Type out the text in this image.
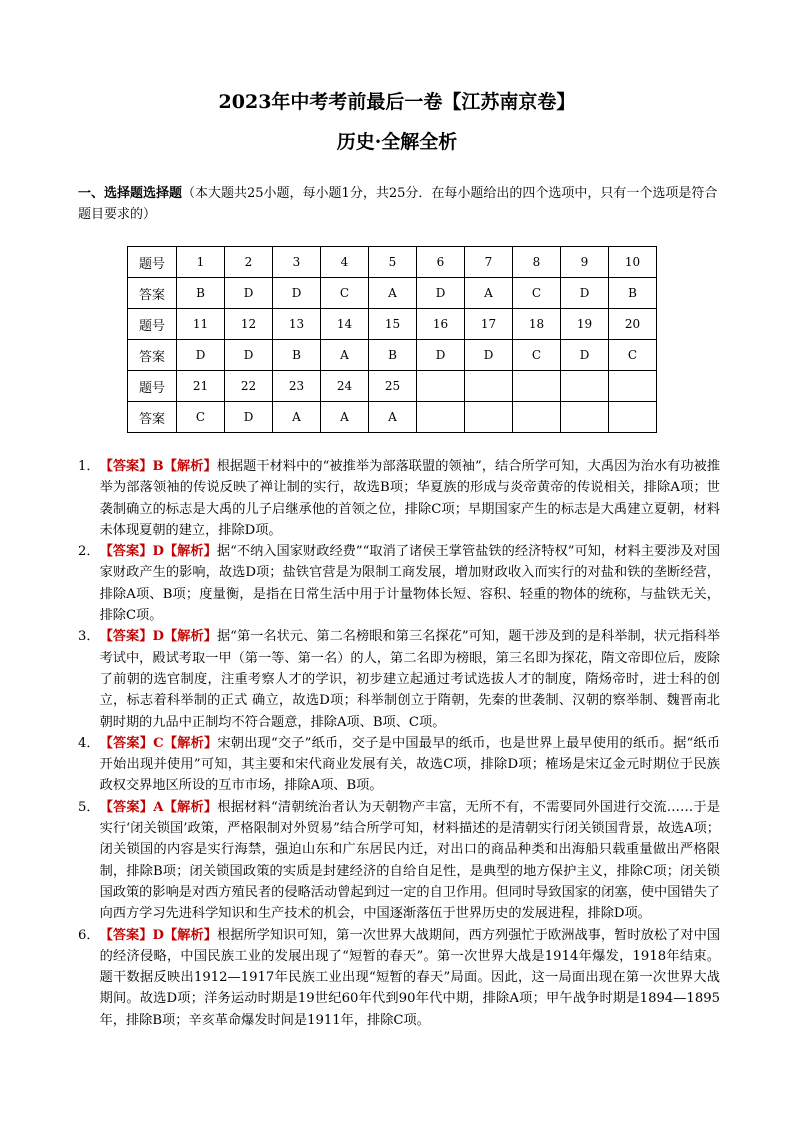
2023年中考考前最后一卷【江苏南京卷】
历史·全解全析
一、选择题选择题（本大题共25小题，每小题1分，共25分．在每小题给出的四个选项中，只有一个选项是符合题目要求的）
题号	1	2	3	4	5	6	7	8	9	10
答案	B	D	D	C	A	D	A	C	D	B
题号	11	12	13	14	15	16	17	18	19	20
答案	D	D	B	A	B	D	D	C	D	C
题号	21	22	23	24	25					
答案	C	D	A	A	A					
1． 【答案】B【解析】根据题干材料中的“被推举为部落联盟的领袖”，结合所学可知，大禹因为治水有功被推举为部落领袖的传说反映了禅让制的实行，故选B项；华夏族的形成与炎帝黄帝的传说相关，排除A项；世袭制确立的标志是大禹的儿子启继承他的首领之位，排除C项；早期国家产生的标志是大禹建立夏朝，材料未体现夏朝的建立，排除D项。
2． 【答案】D【解析】据“不纳入国家财政经费”“取消了诸侯王掌管盐铁的经济特权”可知，材料主要涉及对国家财政产生的影响，故选D项；盐铁官营是为限制工商发展，增加财政收入而实行的对盐和铁的垄断经营，排除A项、B项；度量衡，是指在日常生活中用于计量物体长短、容积、轻重的物体的统称，与盐铁无关，排除C项。
3． 【答案】D【解析】据“第一名状元、第二名榜眼和第三名探花”可知，题干涉及到的是科举制，状元指科举考试中，殿试考取一甲（第一等、第一名）的人，第二名即为榜眼，第三名即为探花，隋文帝即位后，废除了前朝的选官制度，注重考察人才的学识，初步建立起通过考试选拔人才的制度，隋炀帝时，进士科的创立，标志着科举制的正式 确立，故选D项；科举制创立于隋朝，先秦的世袭制、汉朝的察举制、魏晋南北朝时期的九品中正制均不符合题意，排除A项、B项、C项。
4． 【答案】C【解析】宋朝出现“交子”纸币，交子是中国最早的纸币，也是世界上最早使用的纸币。据“纸币开始出现并使用”可知，其主要和宋代商业发展有关，故选C项，排除D项；榷场是宋辽金元时期位于民族政权交界地区所设的互市市场，排除A项、B项。
5． 【答案】A【解析】根据材料“清朝统治者认为天朝物产丰富，无所不有，不需要同外国进行交流……于是实行‘闭关锁国’政策，严格限制对外贸易”结合所学可知，材料描述的是清朝实行闭关锁国背景，故选A项；闭关锁国的内容是实行海禁，强迫山东和广东居民内迁，对出口的商品种类和出海船只载重量做出严格限制，排除B项；闭关锁国政策的实质是封建经济的自给自足性，是典型的地方保护主义，排除C项；闭关锁国政策的影响是对西方殖民者的侵略活动曾起到过一定的自卫作用。但同时导致国家的闭塞，使中国错失了向西方学习先进科学知识和生产技术的机会，中国逐渐落伍于世界历史的发展进程，排除D项。
6． 【答案】D【解析】根据所学知识可知，第一次世界大战期间，西方列强忙于欧洲战事，暂时放松了对中国的经济侵略，中国民族工业的发展出现了“短暂的春天”。第一次世界大战是1914年爆发，1918年结束。题干数据反映出1912—1917年民族工业出现“短暂的春天”局面。因此，这一局面出现在第一次世界大战期间。故选D项；洋务运动时期是19世纪60年代到90年代中期，排除A项；甲午战争时期是1894—1895年，排除B项；辛亥革命爆发时间是1911年，排除C项。
